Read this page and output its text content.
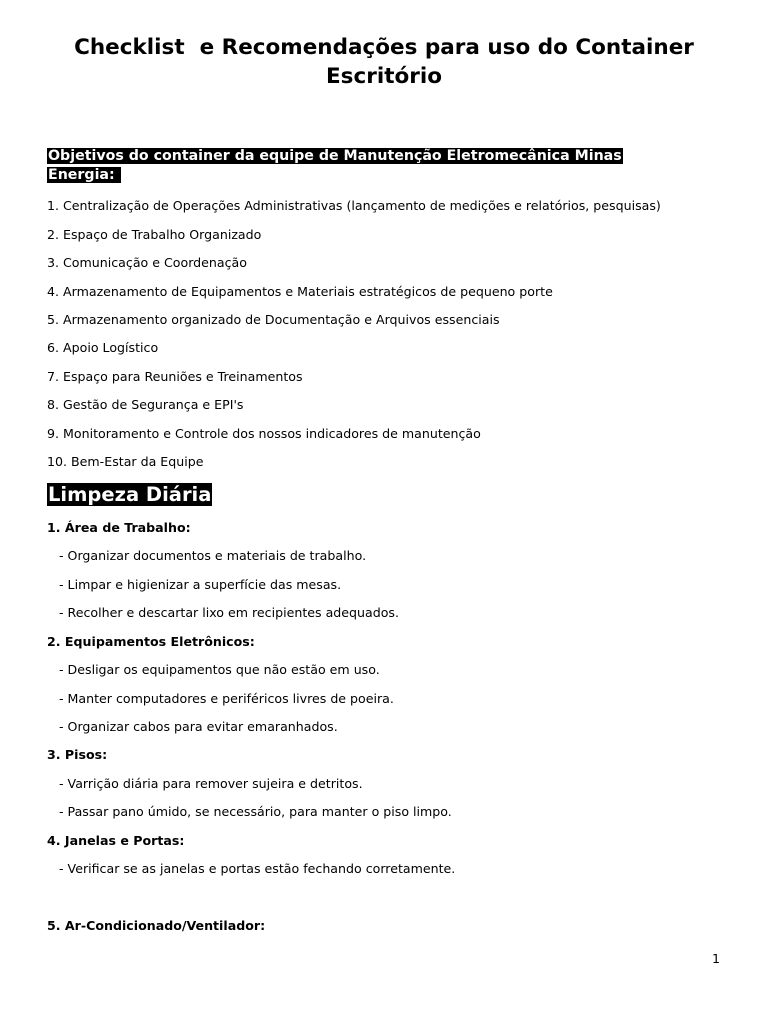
Checklist  e Recomendações para uso do Container
Escritório
Objetivos do container da equipe de Manutenção Eletromecânica Minas
Energia:
1. Centralização de Operações Administrativas (lançamento de medições e relatórios, pesquisas)
2. Espaço de Trabalho Organizado
3. Comunicação e Coordenação
4. Armazenamento de Equipamentos e Materiais estratégicos de pequeno porte
5. Armazenamento organizado de Documentação e Arquivos essenciais
6. Apoio Logístico
7. Espaço para Reuniões e Treinamentos
8. Gestão de Segurança e EPI's
9. Monitoramento e Controle dos nossos indicadores de manutenção
10. Bem-Estar da Equipe
Limpeza Diária
1. Área de Trabalho:
- Organizar documentos e materiais de trabalho.
- Limpar e higienizar a superfície das mesas.
- Recolher e descartar lixo em recipientes adequados.
2. Equipamentos Eletrônicos:
- Desligar os equipamentos que não estão em uso.
- Manter computadores e periféricos livres de poeira.
- Organizar cabos para evitar emaranhados.
3. Pisos:
- Varrição diária para remover sujeira e detritos.
- Passar pano úmido, se necessário, para manter o piso limpo.
4. Janelas e Portas:
- Verificar se as janelas e portas estão fechando corretamente.
5. Ar-Condicionado/Ventilador:
1
